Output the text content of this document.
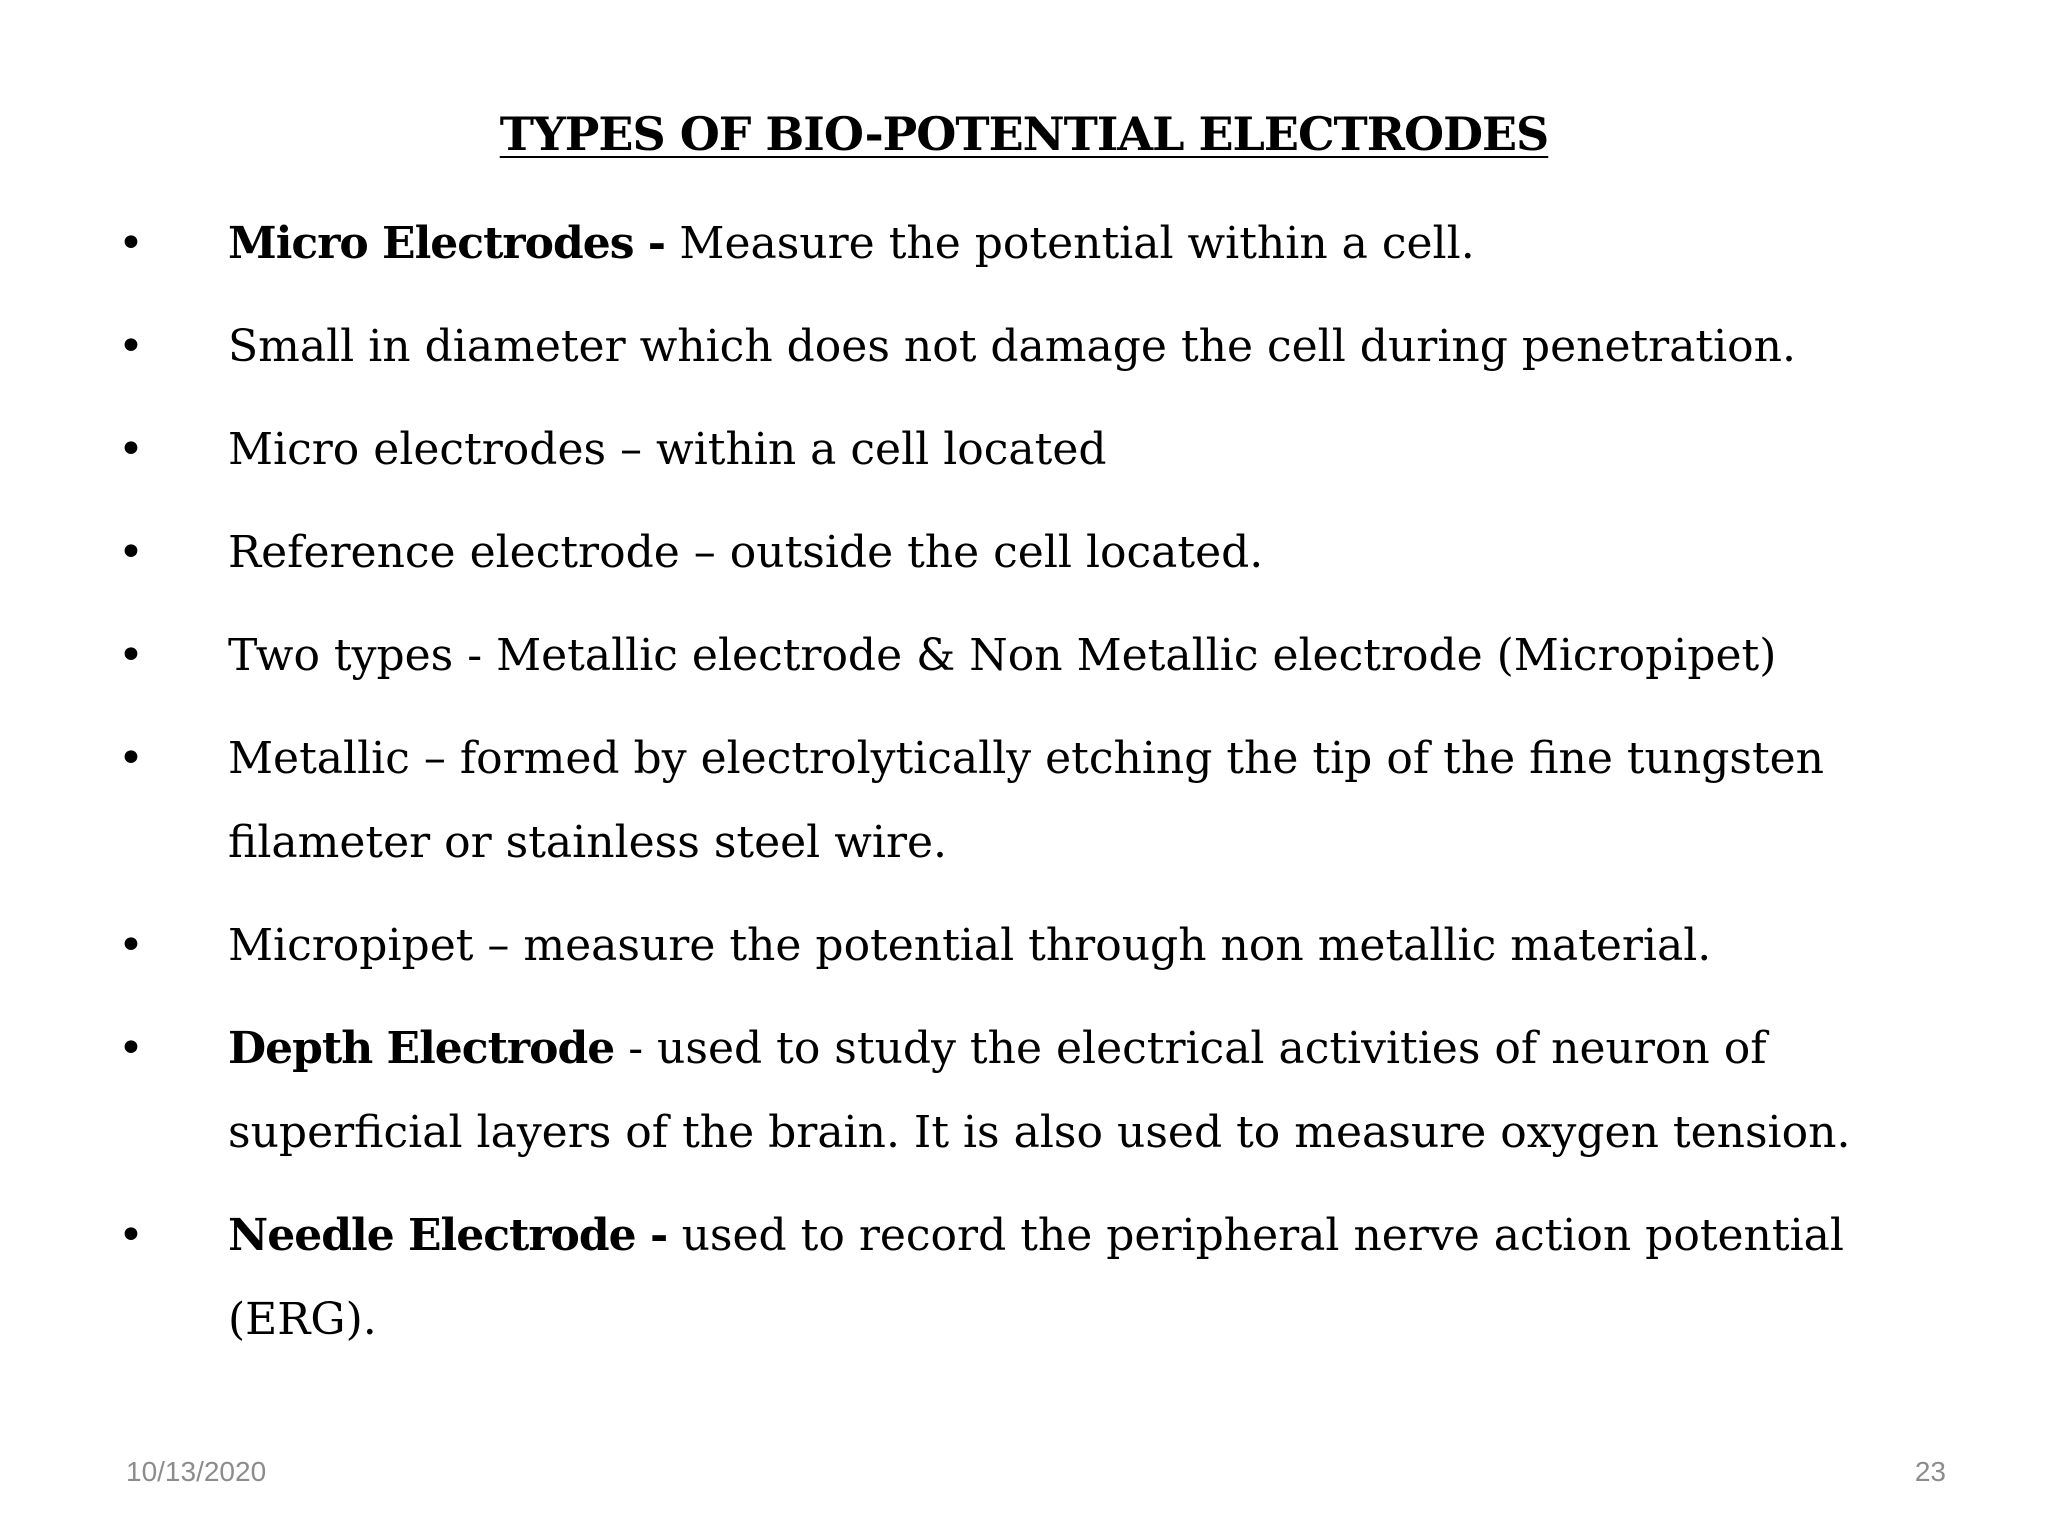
TYPES OF BIO-POTENTIAL ELECTRODES
• Micro Electrodes - Measure the potential within a cell.
• Small in diameter which does not damage the cell during penetration.
• Micro electrodes – within a cell located
• Reference electrode – outside the cell located.
• Two types - Metallic electrode & Non Metallic electrode (Micropipet)
• Metallic – formed by electrolytically etching the tip of the fine tungsten filameter or stainless steel wire.
• Micropipet – measure the potential through non metallic material.
• Depth Electrode - used to study the electrical activities of neuron of superficial layers of the brain. It is also used to measure oxygen tension.
• Needle Electrode - used to record the peripheral nerve action potential (ERG).
10/13/2020	23
